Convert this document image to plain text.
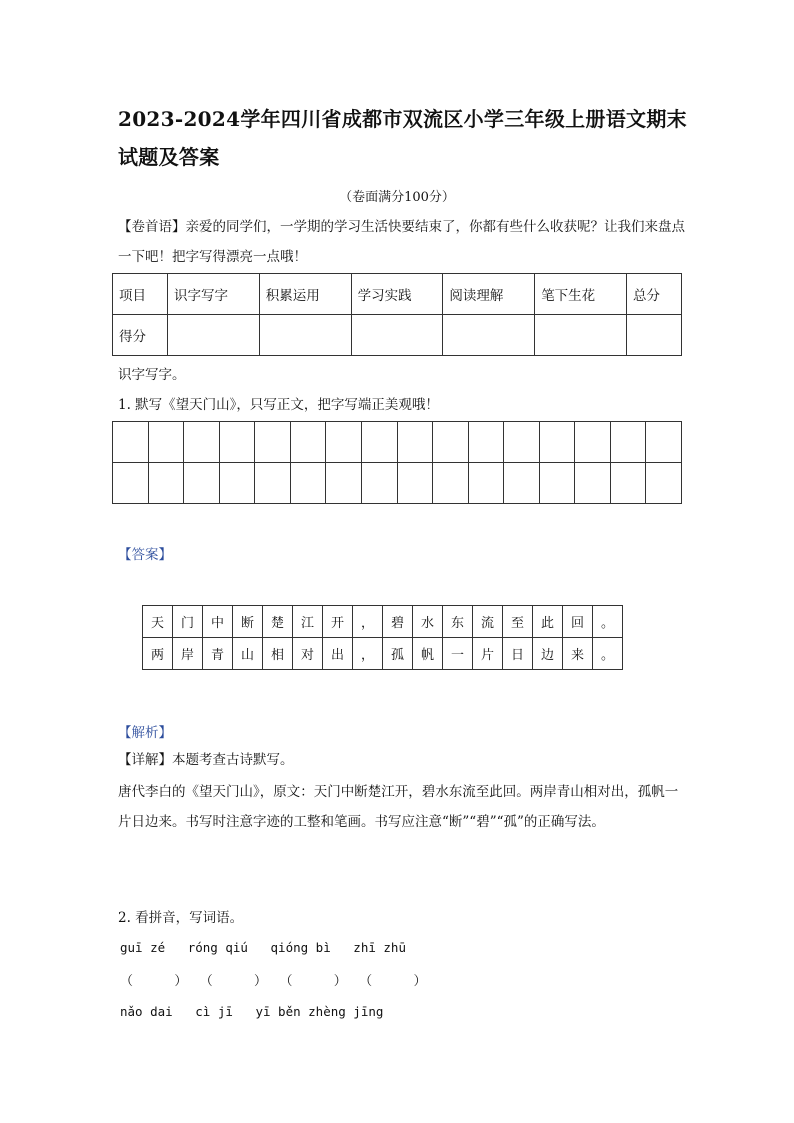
2023-2024学年四川省成都市双流区小学三年级上册语文期末试题及答案
（卷面满分100分）
【卷首语】亲爱的同学们，一学期的学习生活快要结束了，你都有些什么收获呢？让我们来盘点一下吧！把字写得漂亮一点哦！
项目	识字写字	积累运用	学习实践	阅读理解	笔下生花	总分
得分						
识字写字。
1. 默写《望天门山》，只写正文，把字写端正美观哦！

【答案】
天	门	中	断	楚	江	开	，	碧	水	东	流	至	此	回	。
两	岸	青	山	相	对	出	，	孤	帆	一	片	日	边	来	。
【解析】
【详解】本题考查古诗默写。
唐代李白的《望天门山》，原文：天门中断楚江开，碧水东流至此回。两岸青山相对出，孤帆一片日边来。书写时注意字迹的工整和笔画。书写应注意“断”“碧”“孤”的正确写法。
2. 看拼音，写词语。
guī zé   róng qiú   qióng bì   zhī zhū
（          ）   （          ）   （          ）   （          ）
nǎo dai   cì jī   yī běn zhèng jīng
